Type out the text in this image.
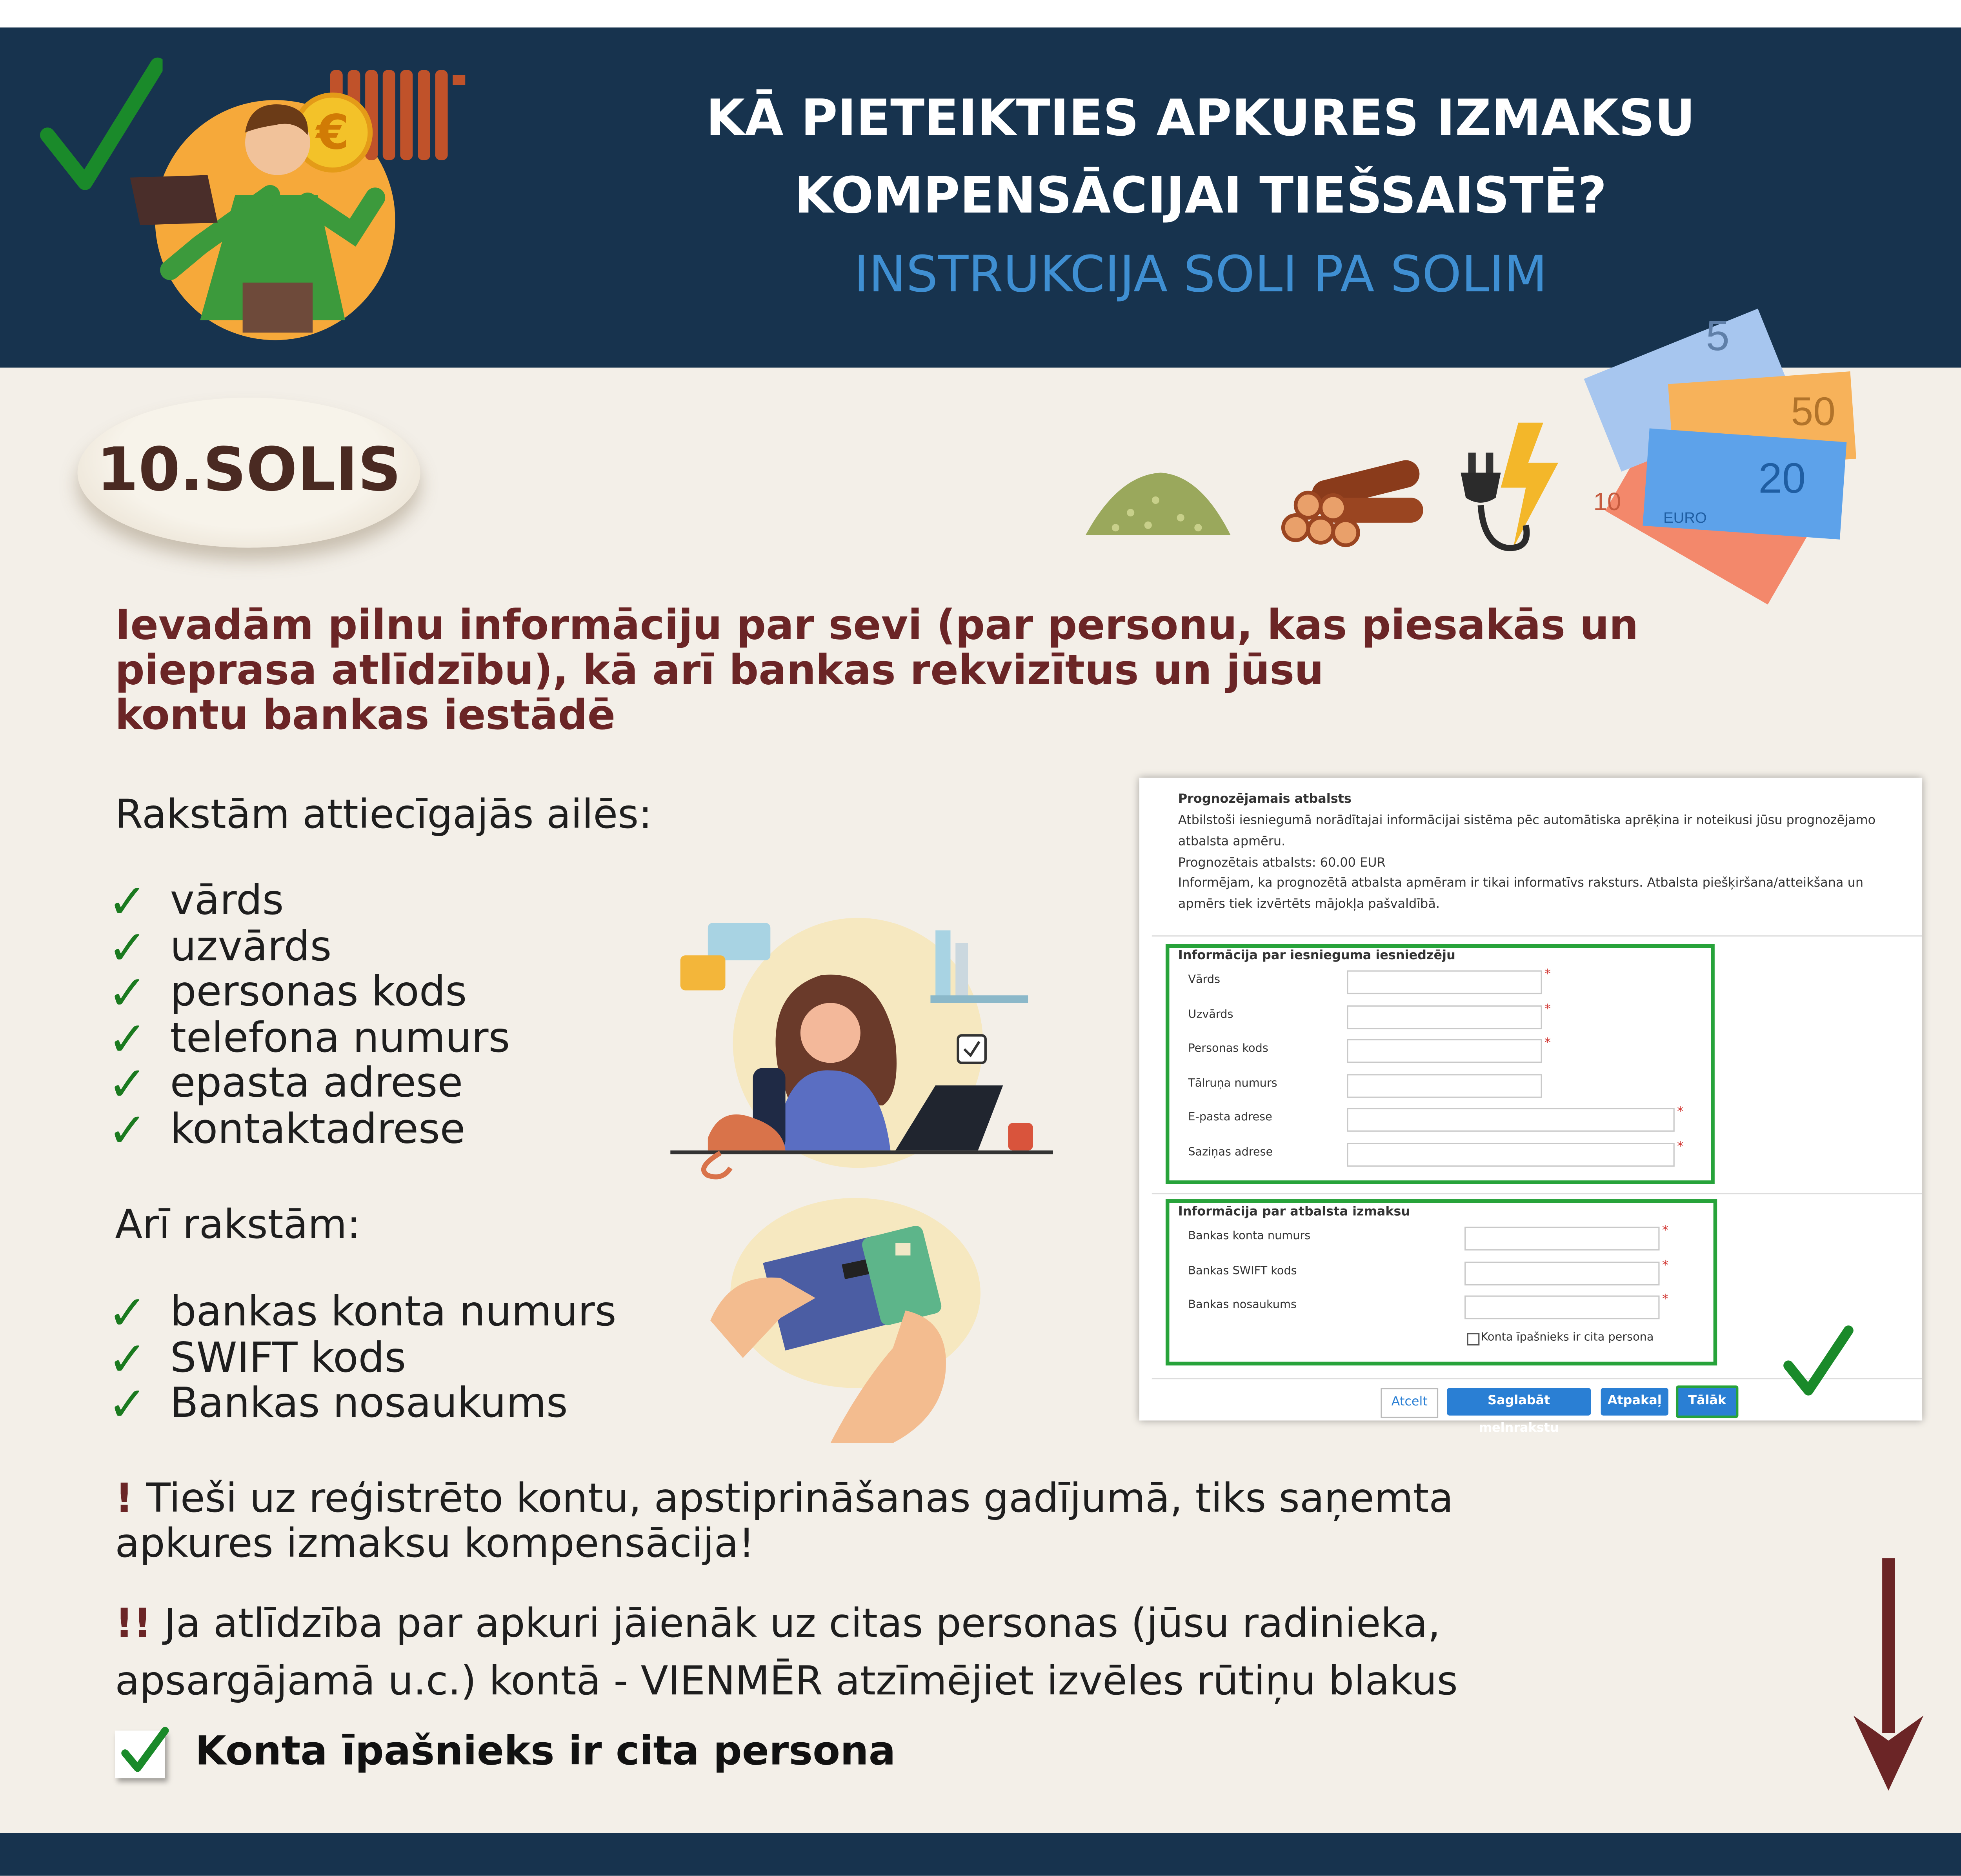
€	KĀ PIETEIKTIES APKURES IZMAKSU
KOMPENSĀCIJAI TIEŠSAISTĒ?
INSTRUKCIJA SOLI PA SOLIM
5
50
20
10
EURO
10.SOLIS
Ievadām pilnu informāciju par sevi (par personu, kas piesakās un
pieprasa atlīdzību), kā arī bankas rekvizītus un jūsu
kontu bankas iestādē
Rakstām attiecīgajās ailēs:
✓ vārds
✓ uzvārds
✓ personas kods
✓ telefona numurs
✓ epasta adrese
✓ kontaktadrese
Arī rakstām:
✓ bankas konta numurs
✓ SWIFT kods
✓ Bankas nosaukums
Prognozējamais atbalsts
Atbilstoši iesniegumā norādītajai informācijai sistēma pēc automātiska aprēķina ir noteikusi jūsu prognozējamo
atbalsta apmēru.
Prognozētais atbalsts: 60.00 EUR
Informējam, ka prognozētā atbalsta apmēram ir tikai informatīvs raksturs. Atbalsta piešķiršana/atteikšana un
apmērs tiek izvērtēts mājokļa pašvaldībā.
Informācija par iesnieguma iesniedzēju
Vārds	*
Uzvārds	*
Personas kods	*
Tālruņa numurs
E-pasta adrese	*
Saziņas adrese	*
Informācija par atbalsta izmaksu
Bankas konta numurs	*
Bankas SWIFT kods	*
Bankas nosaukums	*
Konta īpašnieks ir cita persona
Atcelt	Saglabāt melnrakstu
Atpakaļ	Tālāk
! Tieši uz reģistrēto kontu, apstiprināšanas gadījumā, tiks saņemta
apkures izmaksu kompensācija!
!! Ja atlīdzība par apkuri jāienāk uz citas personas (jūsu radinieka,
apsargājamā u.c.) kontā - VIENMĒR atzīmējiet izvēles rūtiņu blakus
Konta īpašnieks ir cita persona
